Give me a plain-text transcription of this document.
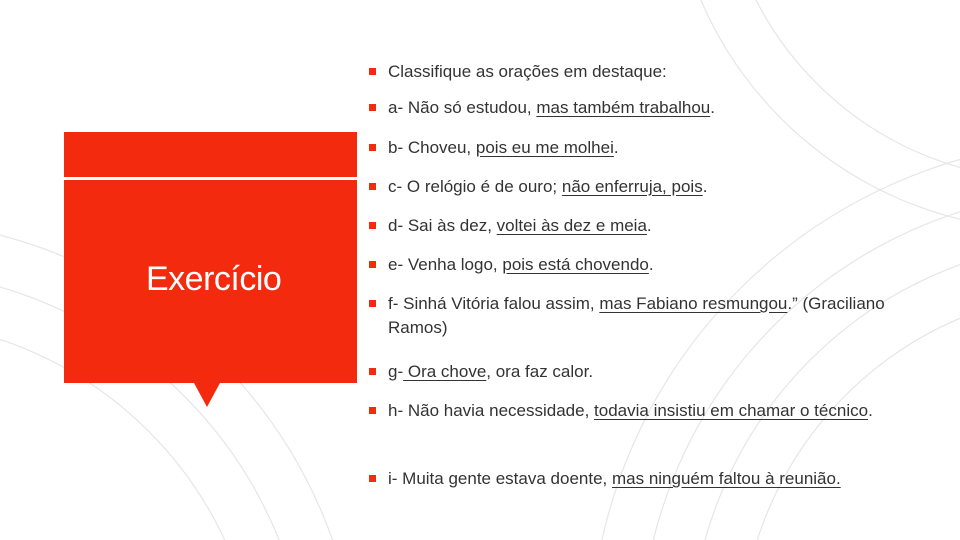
Exercício
Classifique as orações em destaque:
a- Não só estudou, mas também trabalhou.
b- Choveu, pois eu me molhei.
c- O relógio é de ouro; não enferruja, pois.
d- Sai às dez, voltei às dez e meia.
e- Venha logo, pois está chovendo.
f- Sinhá Vitória falou assim, mas Fabiano resmungou.” (Graciliano Ramos)
g- Ora chove, ora faz calor.
h- Não havia necessidade, todavia insistiu em chamar o técnico.
i- Muita gente estava doente, mas ninguém faltou à reunião.
